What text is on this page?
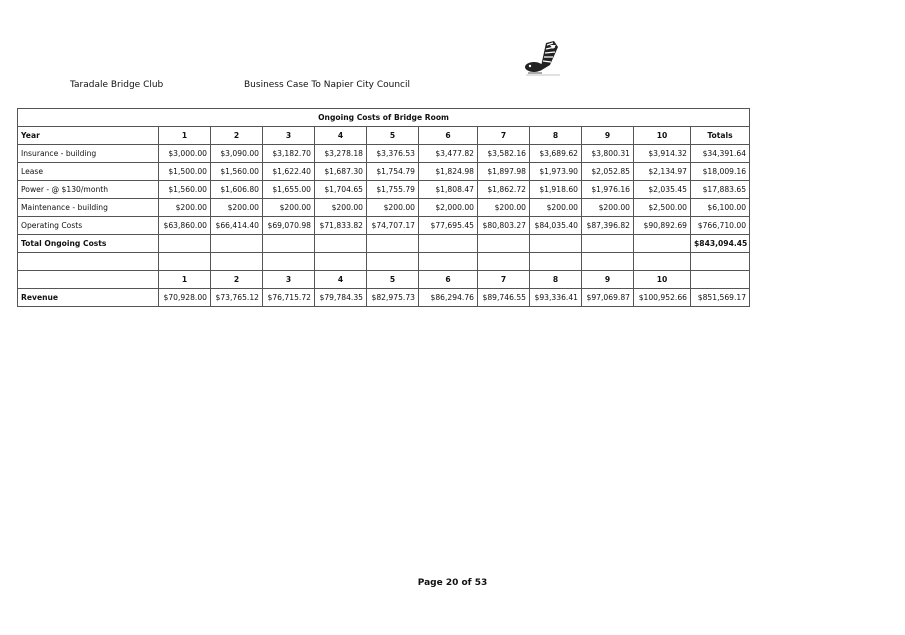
Taradale Bridge Club	Business Case To Napier City Council
Ongoing Costs of Bridge Room											
Year	1	2	3	4	5	6	7	8	9	10	Totals
Insurance - building	$3,000.00	$3,090.00	$3,182.70	$3,278.18	$3,376.53	$3,477.82	$3,582.16	$3,689.62	$3,800.31	$3,914.32	$34,391.64
Lease	$1,500.00	$1,560.00	$1,622.40	$1,687.30	$1,754.79	$1,824.98	$1,897.98	$1,973.90	$2,052.85	$2,134.97	$18,009.16
Power - @ $130/month	$1,560.00	$1,606.80	$1,655.00	$1,704.65	$1,755.79	$1,808.47	$1,862.72	$1,918.60	$1,976.16	$2,035.45	$17,883.65
Maintenance - building	$200.00	$200.00	$200.00	$200.00	$200.00	$2,000.00	$200.00	$200.00	$200.00	$2,500.00	$6,100.00
Operating Costs	$63,860.00	$66,414.40	$69,070.98	$71,833.82	$74,707.17	$77,695.45	$80,803.27	$84,035.40	$87,396.82	$90,892.69	$766,710.00
Total Ongoing Costs											$843,094.45

	1	2	3	4	5	6	7	8	9	10	
Revenue	$70,928.00	$73,765.12	$76,715.72	$79,784.35	$82,975.73	$86,294.76	$89,746.55	$93,336.41	$97,069.87	$100,952.66	$851,569.17
Page 20 of 53
